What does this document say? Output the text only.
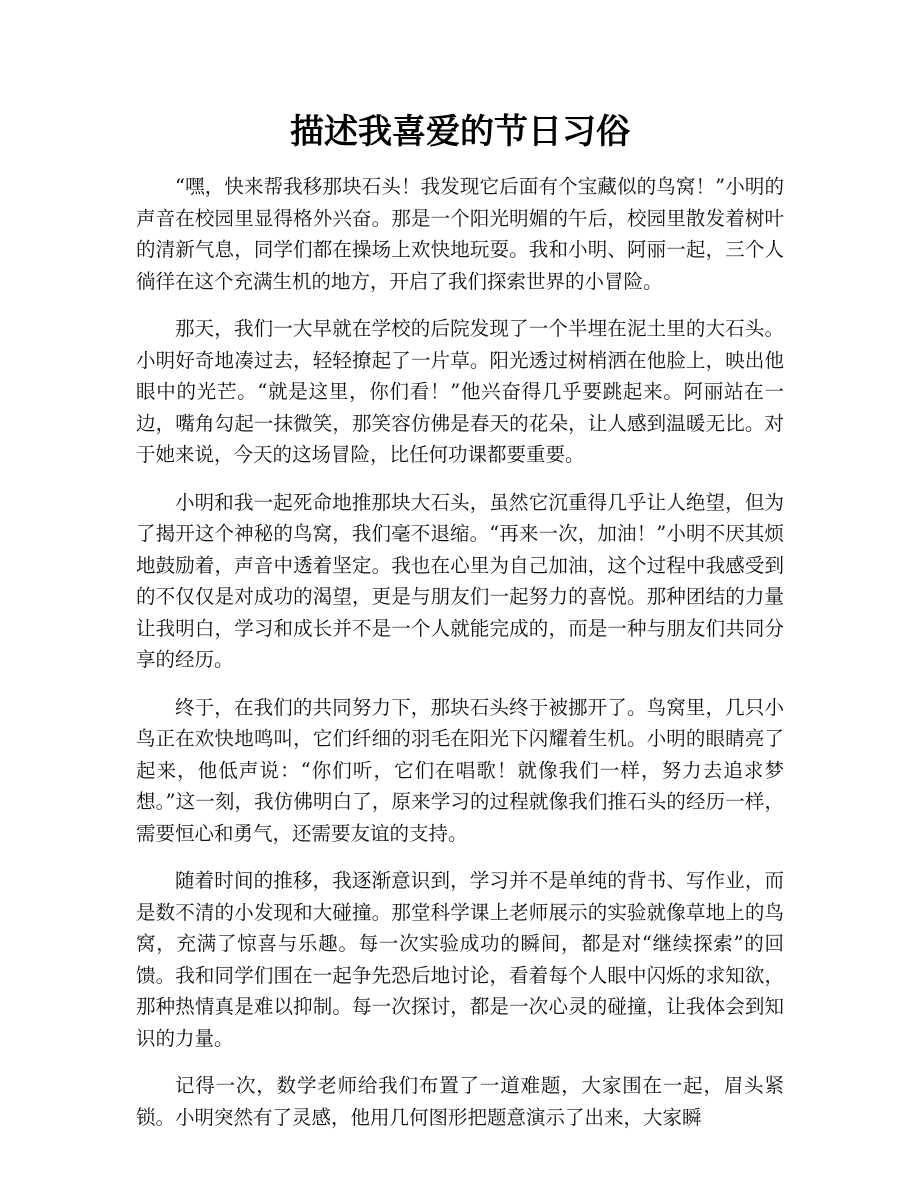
描述我喜爱的节日习俗

“嘿，快来帮我移那块石头！我发现它后面有个宝藏似的鸟窝！”小明的声音在校园里显得格外兴奋。那是一个阳光明媚的午后，校园里散发着树叶的清新气息，同学们都在操场上欢快地玩耍。我和小明、阿丽一起，三个人徜徉在这个充满生机的地方，开启了我们探索世界的小冒险。

那天，我们一大早就在学校的后院发现了一个半埋在泥土里的大石头。小明好奇地凑过去，轻轻撩起了一片草。阳光透过树梢洒在他脸上，映出他眼中的光芒。“就是这里，你们看！”他兴奋得几乎要跳起来。阿丽站在一边，嘴角勾起一抹微笑，那笑容仿佛是春天的花朵，让人感到温暖无比。对于她来说，今天的这场冒险，比任何功课都要重要。

小明和我一起死命地推那块大石头，虽然它沉重得几乎让人绝望，但为了揭开这个神秘的鸟窝，我们毫不退缩。“再来一次，加油！”小明不厌其烦地鼓励着，声音中透着坚定。我也在心里为自己加油，这个过程中我感受到的不仅仅是对成功的渴望，更是与朋友们一起努力的喜悦。那种团结的力量让我明白，学习和成长并不是一个人就能完成的，而是一种与朋友们共同分享的经历。

终于，在我们的共同努力下，那块石头终于被挪开了。鸟窝里，几只小鸟正在欢快地鸣叫，它们纤细的羽毛在阳光下闪耀着生机。小明的眼睛亮了起来，他低声说：“你们听，它们在唱歌！就像我们一样，努力去追求梦想。”这一刻，我仿佛明白了，原来学习的过程就像我们推石头的经历一样，需要恒心和勇气，还需要友谊的支持。

随着时间的推移，我逐渐意识到，学习并不是单纯的背书、写作业，而是数不清的小发现和大碰撞。那堂科学课上老师展示的实验就像草地上的鸟窝，充满了惊喜与乐趣。每一次实验成功的瞬间，都是对“继续探索”的回馈。我和同学们围在一起争先恐后地讨论，看着每个人眼中闪烁的求知欲，那种热情真是难以抑制。每一次探讨，都是一次心灵的碰撞，让我体会到知识的力量。

记得一次，数学老师给我们布置了一道难题，大家围在一起，眉头紧锁。小明突然有了灵感，他用几何图形把题意演示了出来，大家瞬
